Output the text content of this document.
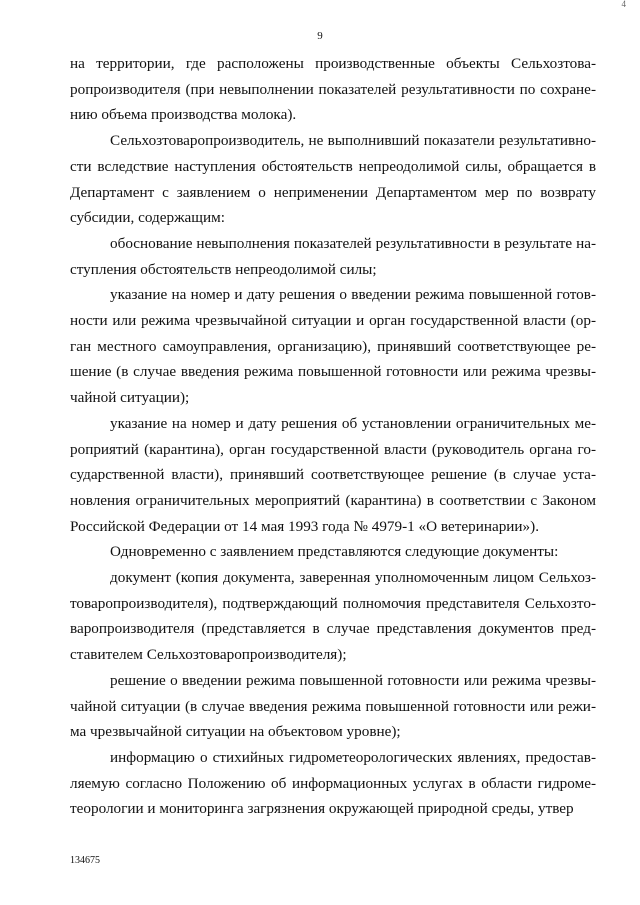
4
9

на территории, где расположены производственные объекты Сельхозтоваропроизводителя (при невыполнении показателей результативности по сохранению объема производства молока).

Сельхозтоваропроизводитель, не выполнивший показатели результативности вследствие наступления обстоятельств непреодолимой силы, обращается в Департамент с заявлением о неприменении Департаментом мер по возврату субсидии, содержащим:

обоснование невыполнения показателей результативности в результате наступления обстоятельств непреодолимой силы;

указание на номер и дату решения о введении режима повышенной готовности или режима чрезвычайной ситуации и орган государственной власти (орган местного самоуправления, организацию), принявший соответствующее решение (в случае введения режима повышенной готовности или режима чрезвычайной ситуации);

указание на номер и дату решения об установлении ограничительных мероприятий (карантина), орган государственной власти (руководитель органа государственной власти), принявший соответствующее решение (в случае установления ограничительных мероприятий (карантина) в соответствии с Законом Российской Федерации от 14 мая 1993 года № 4979-1 «О ветеринарии»).

Одновременно с заявлением представляются следующие документы:

документ (копия документа, заверенная уполномоченным лицом Сельхозтоваропроизводителя), подтверждающий полномочия представителя Сельхозтоваропроизводителя (представляется в случае представления документов представителем Сельхозтоваропроизводителя);

решение о введении режима повышенной готовности или режима чрезвычайной ситуации (в случае введения режима повышенной готовности или режима чрезвычайной ситуации на объектовом уровне);

информацию о стихийных гидрометеорологических явлениях, предоставляемую согласно Положению об информационных услугах в области гидрометеорологии и мониторинга загрязнения окружающей природной среды, утвер

134675
